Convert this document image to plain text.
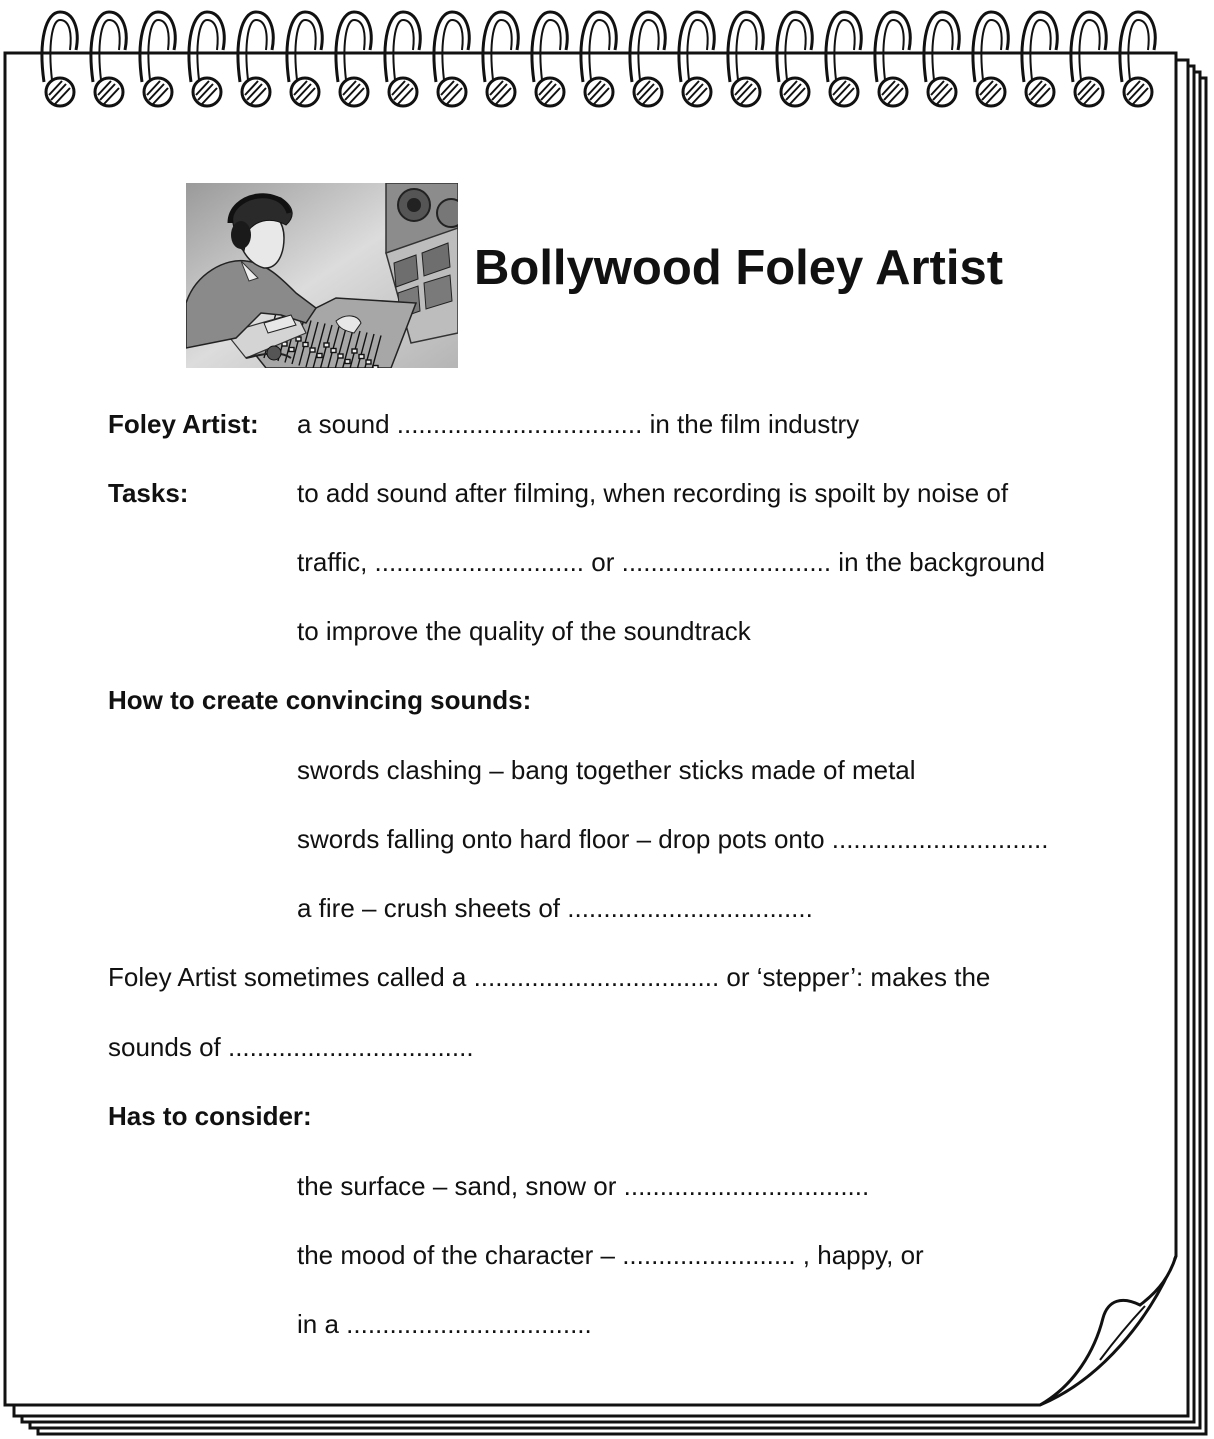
Bollywood Foley Artist
Foley Artist: a sound .................................. in the film industry
Tasks:	to add sound after filming, when recording is spoilt by noise of
traffic, ............................. or ............................. in the background
to improve the quality of the soundtrack
How to create convincing sounds:
swords clashing – bang together sticks made of metal
swords falling onto hard floor – drop pots onto ..............................
a fire – crush sheets of ..................................
Foley Artist sometimes called a .................................. or ‘stepper’: makes the
sounds of ..................................
Has to consider:
the surface – sand, snow or ..................................
the mood of the character – ........................ , happy, or
in a ..................................
